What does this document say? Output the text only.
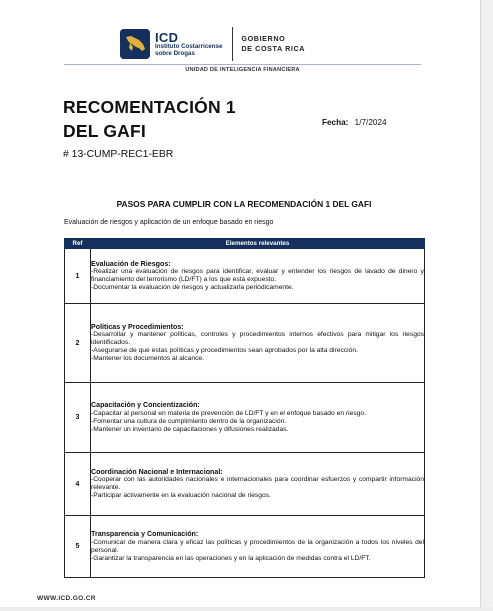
ICD
Instituto Costarricense
sobre Drogas
GOBIERNO
DE COSTA RICA
UNIDAD DE INTELIGENCIA FINANCIERA
RECOMENTACIÓN 1
DEL GAFI	Fecha: 1/7/2024
# 13-CUMP-REC1-EBR
PASOS PARA CUMPLIR CON LA RECOMENDACIÓN 1 DEL GAFI
Evaluación de riesgos y aplicación de un enfoque basado en riesgo
Ref	Elementos relevantes
1	Evaluación de Riesgos:
-Realizar una evaluación de riesgos para identificar, evaluar y entender los riesgos de lavado de dinero y financiamiento del terrorismo (LD/FT) a los que está expuesto.
-Documentar la evaluación de riesgos y actualizarla periódicamente.

2	Políticas y Procedimientos:
-Desarrollar y mantener políticas, controles y procedimientos internos efectivos para mitigar los riesgos identificados.
-Asegurarse de que estas políticas y procedimientos sean aprobados por la alta dirección.
-Mantener los documentos al alcance.

3	Capacitación y Concientización:
-Capacitar al personal en materia de prevención de LD/FT y en el enfoque basado en riesgo.
-Fomentar una cultura de cumplimiento dentro de la organización.
-Mantener un inventario de capacitaciones y difusiones realizadas.

4	Coordinación Nacional e Internacional:
-Cooperar con las autoridades nacionales e internacionales para coordinar esfuerzos y compartir información relevante.
-Participar activamente en la evaluación nacional de riesgos.

5	Transparencia y Comunicación:
-Comunicar de manera clara y eficaz las políticas y procedimientos de la organización a todos los niveles del personal.
-Garantizar la transparencia en las operaciones y en la aplicación de medidas contra el LD/FT.
WWW.ICD.GO.CR
